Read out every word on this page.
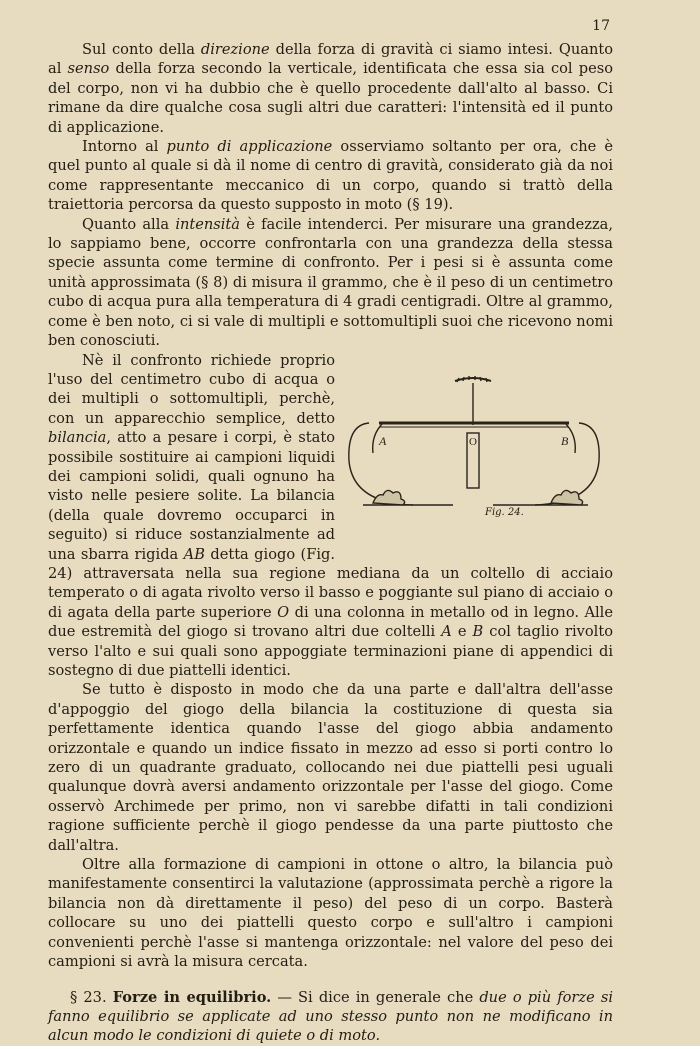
17

Sul conto della direzione della forza di gravità ci siamo intesi. Quanto al senso della forza secondo la verticale, identificata che essa sia col peso del corpo, non vi ha dubbio che è quello procedente dall'alto al basso. Ci rimane da dire qualche cosa sugli altri due caratteri: l'intensità ed il punto di applicazione.

Intorno al punto di applicazione osserviamo soltanto per ora, che è quel punto al quale si dà il nome di centro di gravità, considerato già da noi come rappresentante meccanico di un corpo, quando si trattò della traiettoria percorsa da questo supposto in moto (§ 19).

Quanto alla intensità è facile intenderci. Per misurare una grandezza, lo sappiamo bene, occorre confrontarla con una grandezza della stessa specie assunta come termine di confronto. Per i pesi si è assunta come unità approssimata (§ 8) di misura il grammo, che è il peso di un centimetro cubo di acqua pura alla temperatura di 4 gradi centigradi. Oltre al grammo, come è ben noto, ci si vale di multipli e sottomultipli suoi che ricevono nomi ben conosciuti.

A	O	B
Fig. 24.
Nè il confronto richiede proprio l'uso del centimetro cubo di acqua o dei multipli o sottomultipli, perchè, con un apparecchio semplice, detto bilancia, atto a pesare i corpi, è stato possibile sostituire ai campioni liquidi dei campioni solidi, quali ognuno ha visto nelle pesiere solite. La bilancia (della quale dovremo occuparci in seguito) si riduce sostanzialmente ad una sbarra rigida AB detta giogo (Fig. 24) attraversata nella sua regione mediana da un coltello di acciaio temperato o di agata rivolto verso il basso e poggiante sul piano di acciaio o di agata della parte superiore O di una colonna in metallo od in legno. Alle due estremità del giogo si trovano altri due coltelli A e B col taglio rivolto verso l'alto e sui quali sono appoggiate terminazioni piane di appendici di sostegno di due piattelli identici.

Se tutto è disposto in modo che da una parte e dall'altra dell'asse d'appoggio del giogo della bilancia la costituzione di questa sia perfettamente identica quando l'asse del giogo abbia andamento orizzontale e quando un indice fissato in mezzo ad esso si porti contro lo zero di un quadrante graduato, collocando nei due piattelli pesi uguali qualunque dovrà aversi andamento orizzontale per l'asse del giogo. Come osservò Archimede per primo, non vi sarebbe difatti in tali condizioni ragione sufficiente perchè il giogo pendesse da una parte piuttosto che dall'altra.

Oltre alla formazione di campioni in ottone o altro, la bilancia può manifestamente consentirci la valutazione (approssimata perchè a rigore la bilancia non dà direttamente il peso) del peso di un corpo. Basterà collocare su uno dei piattelli questo corpo e sull'altro i campioni convenienti perchè l'asse si mantenga orizzontale: nel valore del peso dei campioni si avrà la misura cercata.

§ 23. Forze in equilibrio. — Si dice in generale che due o più forze si fanno equilibrio se applicate ad uno stesso punto non ne modificano in alcun modo le condizioni di quiete o di moto.
